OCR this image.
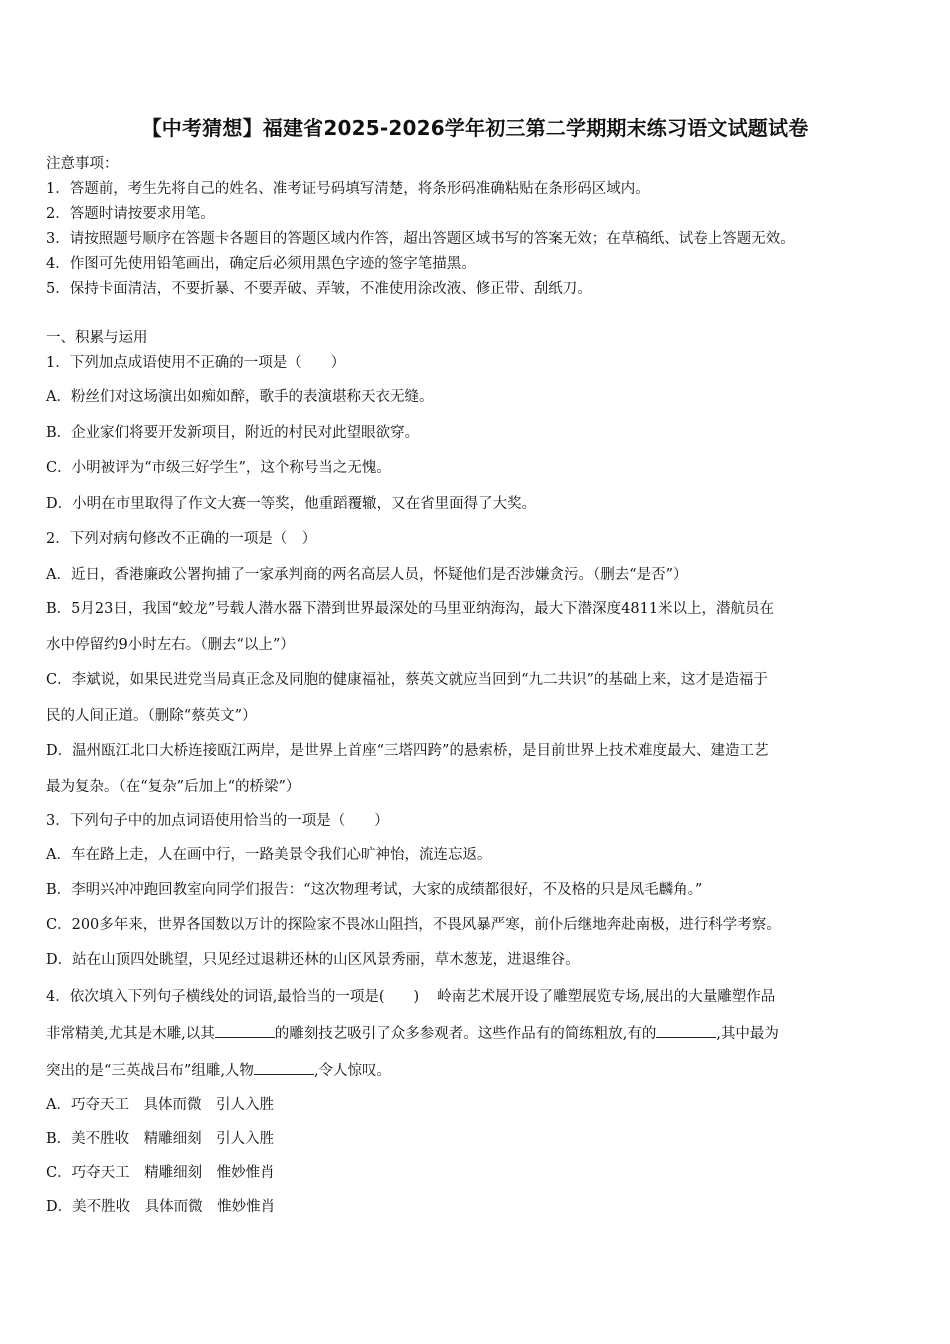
【中考猜想】福建省2025-2026学年初三第二学期期末练习语文试题试卷
注意事项：
1．答题前，考生先将自己的姓名、准考证号码填写清楚，将条形码准确粘贴在条形码区域内。
2．答题时请按要求用笔。
3．请按照题号顺序在答题卡各题目的答题区域内作答，超出答题区域书写的答案无效；在草稿纸、试卷上答题无效。
4．作图可先使用铅笔画出，确定后必须用黑色字迹的签字笔描黑。
5．保持卡面清洁，不要折暴、不要弄破、弄皱，不准使用涂改液、修正带、刮纸刀。
一、积累与运用
1．下列加点成语使用不正确的一项是（　　）
A．粉丝们对这场演出如痴如醉，歌手的表演堪称天衣无缝。
B．企业家们将要开发新项目，附近的村民对此望眼欲穿。
C．小明被评为“市级三好学生”，这个称号当之无愧。
D．小明在市里取得了作文大赛一等奖，他重蹈覆辙，又在省里面得了大奖。
2．下列对病句修改不正确的一项是（　）
A．近日，香港廉政公署拘捕了一家承判商的两名高层人员，怀疑他们是否涉嫌贪污。（删去“是否”）
B．5月23日，我国“蛟龙”号载人潜水器下潜到世界最深处的马里亚纳海沟，最大下潜深度4811米以上，潜航员在
水中停留约9小时左右。（删去“以上”）
C．李斌说，如果民进党当局真正念及同胞的健康福祉，蔡英文就应当回到“九二共识”的基础上来，这才是造福于
民的人间正道。（删除“蔡英文”）
D．温州瓯江北口大桥连接瓯江两岸，是世界上首座“三塔四跨”的悬索桥，是目前世界上技术难度最大、建造工艺
最为复杂。（在“复杂”后加上“的桥梁”）
3．下列句子中的加点词语使用恰当的一项是（　　）
A．车在路上走，人在画中行，一路美景令我们心旷神怡，流连忘返。
B．李明兴冲冲跑回教室向同学们报告：“这次物理考试，大家的成绩都很好，不及格的只是凤毛麟角。”
C．200多年来，世界各国数以万计的探险家不畏冰山阻挡，不畏风暴严寒，前仆后继地奔赴南极，进行科学考察。
D．站在山顶四处眺望，只见经过退耕还林的山区风景秀丽，草木葱茏，进退维谷。
4．依次填入下列句子横线处的词语,最恰当的一项是(　　) 岭南艺术展开设了雕塑展览专场,展出的大量雕塑作品
非常精美,尤其是木雕,以其	的雕刻技艺吸引了众多参观者。这些作品有的简练粗放,有的	,其中最为
突出的是“三英战吕布”组雕,人物	,令人惊叹。
A．巧夺天工　具体而微　引人入胜
B．美不胜收　精雕细刻　引人入胜
C．巧夺天工　精雕细刻　惟妙惟肖
D．美不胜收　具体而微　惟妙惟肖
